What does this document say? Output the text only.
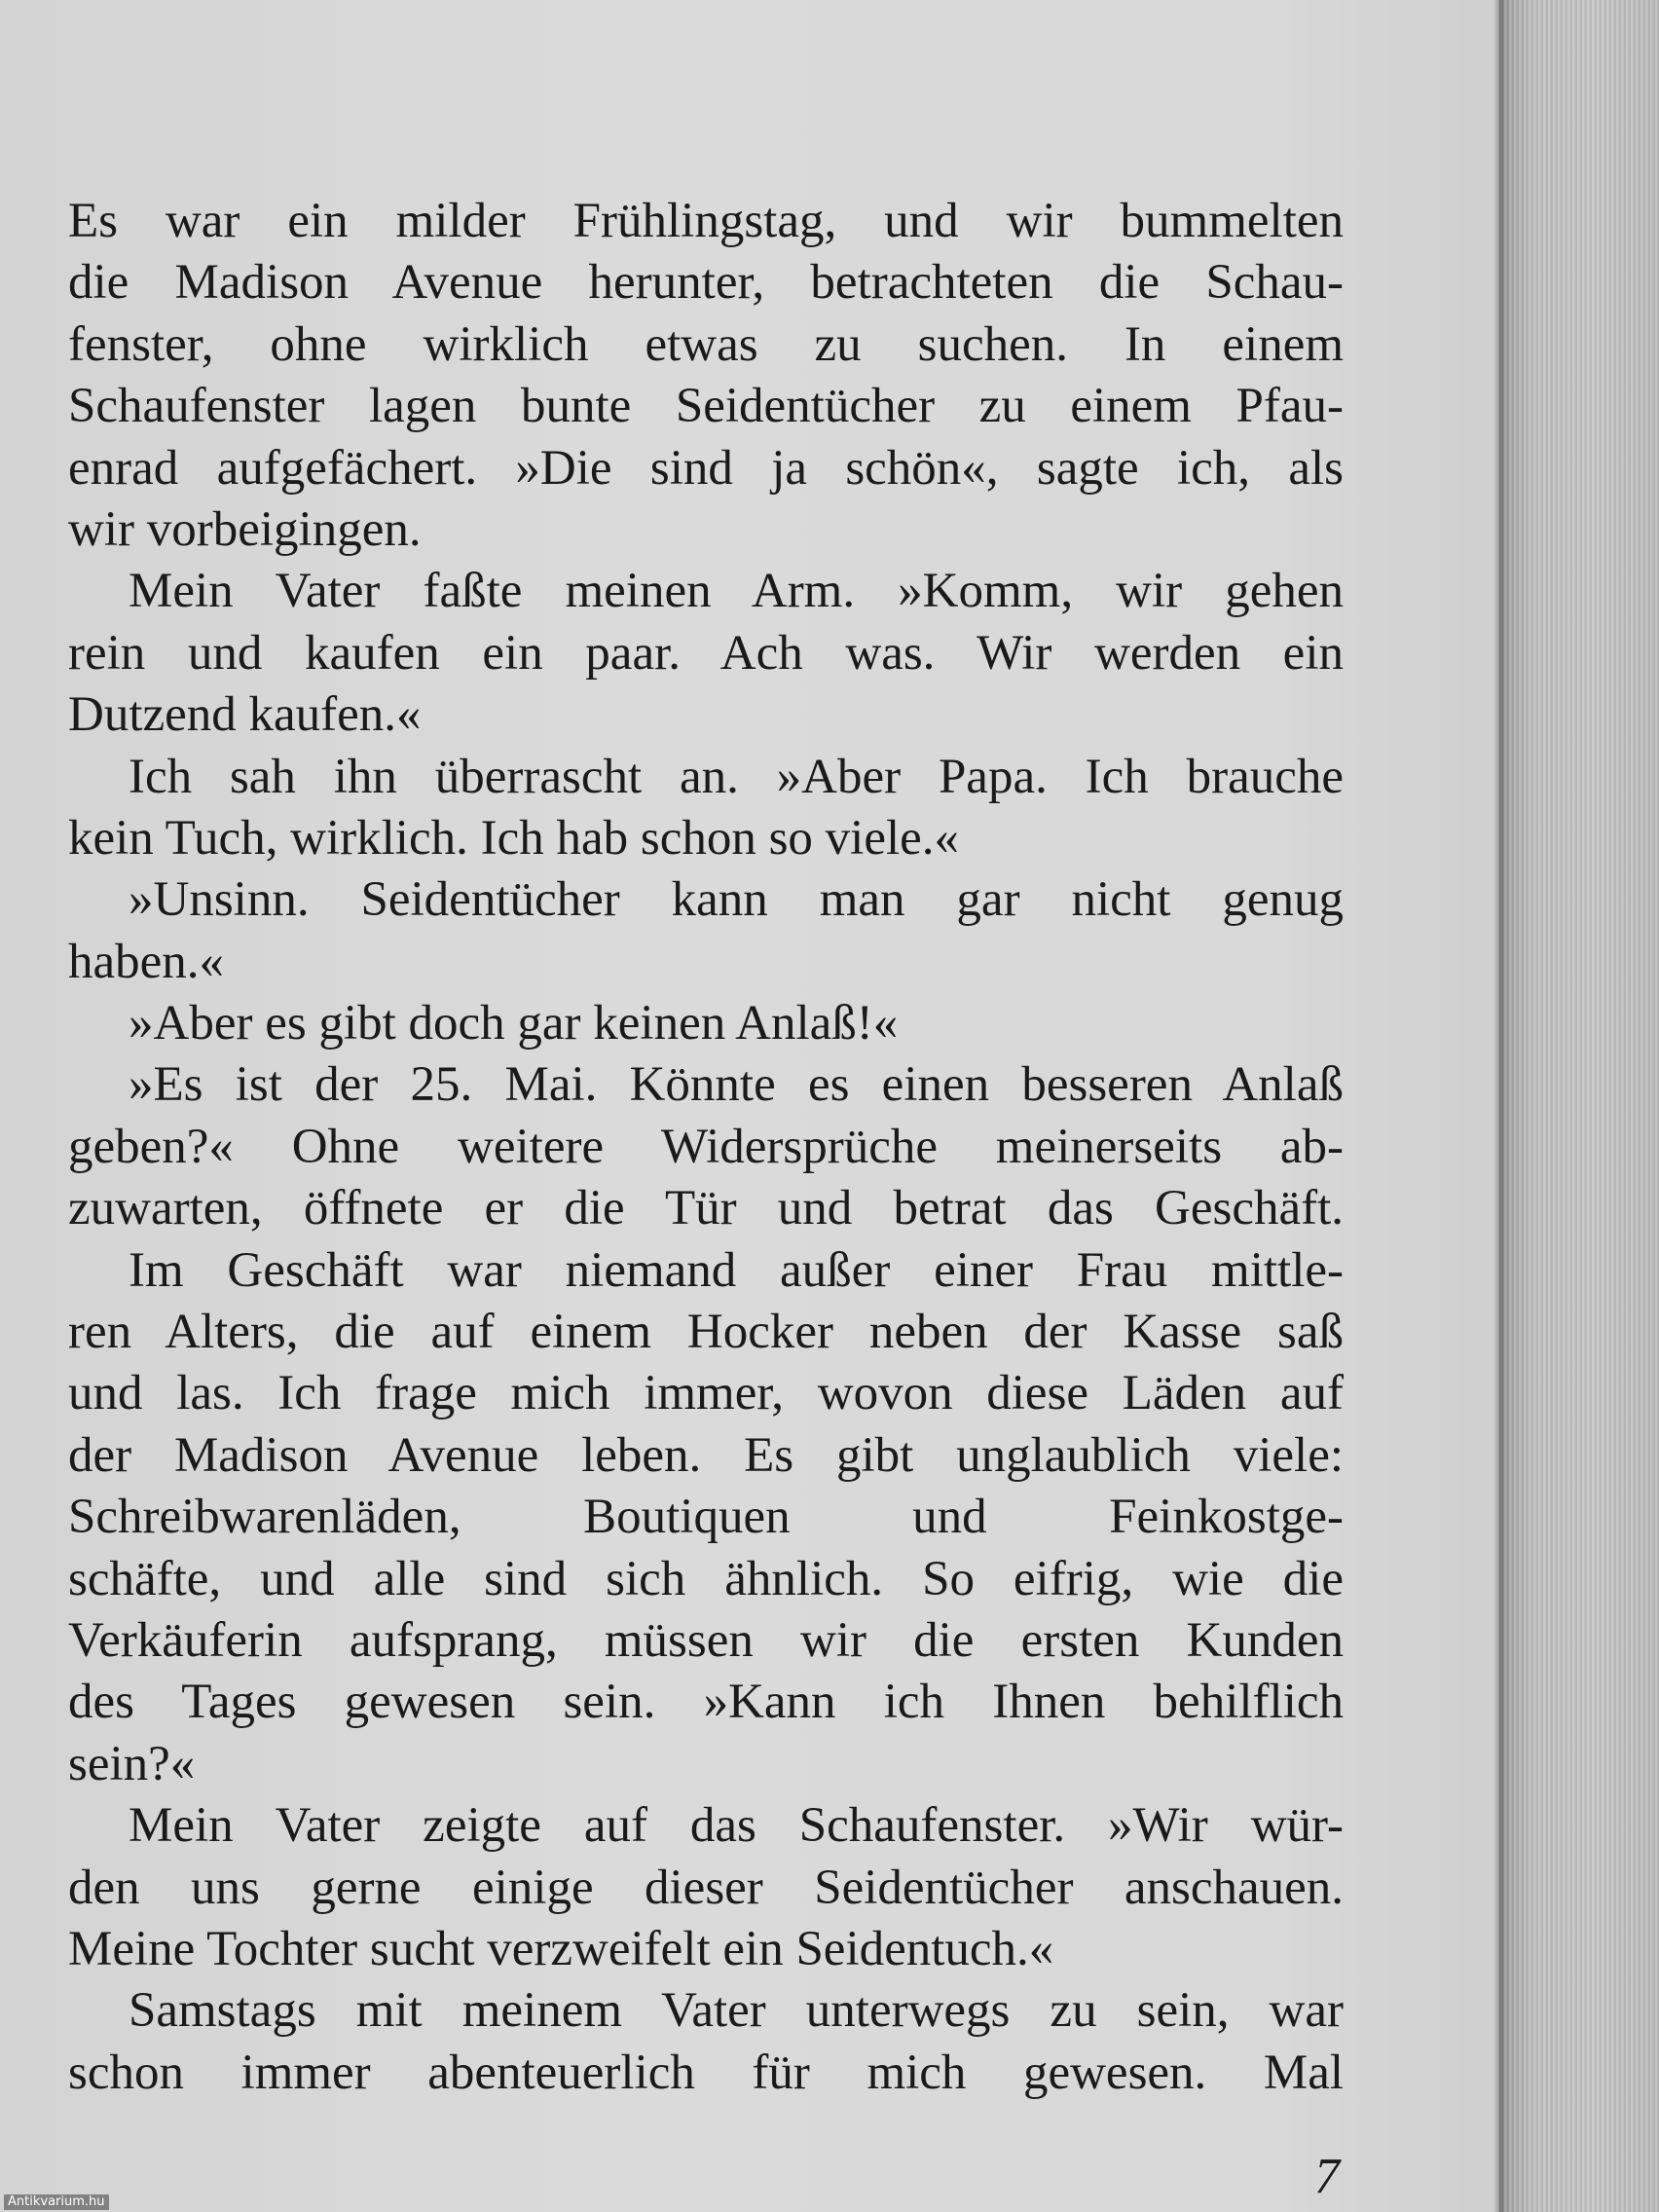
Es war ein milder Frühlingstag, und wir bummelten
die Madison Avenue herunter, betrachteten die Schau-
fenster, ohne wirklich etwas zu suchen. In einem
Schaufenster lagen bunte Seidentücher zu einem Pfau-
enrad aufgefächert. »Die sind ja schön«, sagte ich, als
wir vorbeigingen.
Mein Vater faßte meinen Arm. »Komm, wir gehen
rein und kaufen ein paar. Ach was. Wir werden ein
Dutzend kaufen.«
Ich sah ihn überrascht an. »Aber Papa. Ich brauche
kein Tuch, wirklich. Ich hab schon so viele.«
»Unsinn. Seidentücher kann man gar nicht genug
haben.«
»Aber es gibt doch gar keinen Anlaß!«
»Es ist der 25. Mai. Könnte es einen besseren Anlaß
geben?« Ohne weitere Widersprüche meinerseits ab-
zuwarten, öffnete er die Tür und betrat das Geschäft.
Im Geschäft war niemand außer einer Frau mittle-
ren Alters, die auf einem Hocker neben der Kasse saß
und las. Ich frage mich immer, wovon diese Läden auf
der Madison Avenue leben. Es gibt unglaublich viele:
Schreibwarenläden, Boutiquen und Feinkostge-
schäfte, und alle sind sich ähnlich. So eifrig, wie die
Verkäuferin aufsprang, müssen wir die ersten Kunden
des Tages gewesen sein. »Kann ich Ihnen behilflich
sein?«
Mein Vater zeigte auf das Schaufenster. »Wir wür-
den uns gerne einige dieser Seidentücher anschauen.
Meine Tochter sucht verzweifelt ein Seidentuch.«
Samstags mit meinem Vater unterwegs zu sein, war
schon immer abenteuerlich für mich gewesen. Mal
7
Antikvarium.hu
